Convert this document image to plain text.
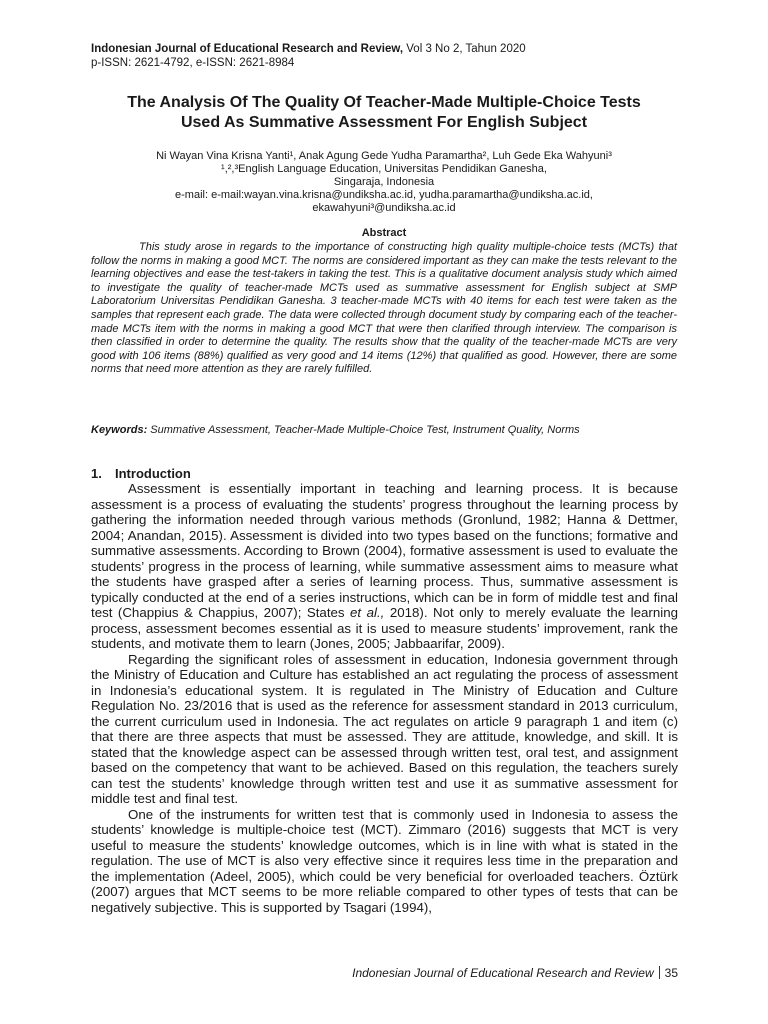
Indonesian Journal of Educational Research and Review, Vol 3 No 2, Tahun 2020
p-ISSN: 2621-4792, e-ISSN: 2621-8984
The Analysis Of The Quality Of Teacher-Made Multiple-Choice Tests
Used As Summative Assessment For English Subject
Ni Wayan Vina Krisna Yanti¹, Anak Agung Gede Yudha Paramartha², Luh Gede Eka Wahyuni³
¹,²,³English Language Education, Universitas Pendidikan Ganesha,
Singaraja, Indonesia
e-mail: e-mail:wayan.vina.krisna@undiksha.ac.id, yudha.paramartha@undiksha.ac.id,
ekawahyuni³@undiksha.ac.id
Abstract

This study arose in regards to the importance of constructing high quality multiple-choice tests (MCTs) that follow the norms in making a good MCT. The norms are considered important as they can make the tests relevant to the learning objectives and ease the test-takers in taking the test. This is a qualitative document analysis study which aimed to investigate the quality of teacher-made MCTs used as summative assessment for English subject at SMP Laboratorium Universitas Pendidikan Ganesha. 3 teacher-made MCTs with 40 items for each test were taken as the samples that represent each grade. The data were collected through document study by comparing each of the teacher-made MCTs item with the norms in making a good MCT that were then clarified through interview. The comparison is then classified in order to determine the quality. The results show that the quality of the teacher-made MCTs are very good with 106 items (88%) qualified as very good and 14 items (12%) that qualified as good. However, there are some norms that need more attention as they are rarely fulfilled.

Keywords: Summative Assessment, Teacher-Made Multiple-Choice Test, Instrument Quality, Norms
1. Introduction

Assessment is essentially important in teaching and learning process. It is because assessment is a process of evaluating the students’ progress throughout the learning process by gathering the information needed through various methods (Gronlund, 1982; Hanna & Dettmer, 2004; Anandan, 2015). Assessment is divided into two types based on the functions; formative and summative assessments. According to Brown (2004), formative assessment is used to evaluate the students’ progress in the process of learning, while summative assessment aims to measure what the students have grasped after a series of learning process. Thus, summative assessment is typically conducted at the end of a series instructions, which can be in form of middle test and final test (Chappius & Chappius, 2007); States et al., 2018). Not only to merely evaluate the learning process, assessment becomes essential as it is used to measure students’ improvement, rank the students, and motivate them to learn (Jones, 2005; Jabbaarifar, 2009).

Regarding the significant roles of assessment in education, Indonesia government through the Ministry of Education and Culture has established an act regulating the process of assessment in Indonesia’s educational system. It is regulated in The Ministry of Education and Culture Regulation No. 23/2016 that is used as the reference for assessment standard in 2013 curriculum, the current curriculum used in Indonesia. The act regulates on article 9 paragraph 1 and item (c) that there are three aspects that must be assessed. They are attitude, knowledge, and skill. It is stated that the knowledge aspect can be assessed through written test, oral test, and assignment based on the competency that want to be achieved. Based on this regulation, the teachers surely can test the students’ knowledge through written test and use it as summative assessment for middle test and final test.

One of the instruments for written test that is commonly used in Indonesia to assess the students’ knowledge is multiple-choice test (MCT). Zimmaro (2016) suggests that MCT is very useful to measure the students’ knowledge outcomes, which is in line with what is stated in the regulation. The use of MCT is also very effective since it requires less time in the preparation and the implementation (Adeel, 2005), which could be very beneficial for overloaded teachers. Öztürk (2007) argues that MCT seems to be more reliable compared to other types of tests that can be negatively subjective. This is supported by Tsagari (1994),

Indonesian Journal of Educational Research and Review 35
